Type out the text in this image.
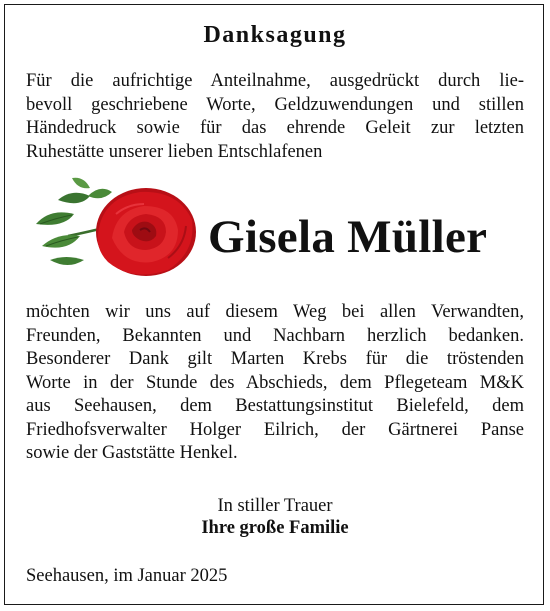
Danksagung
Für die aufrichtige Anteilnahme, ausgedrückt durch lie-
bevoll geschriebene Worte, Geldzuwendungen und stillen
Händedruck sowie für das ehrende Geleit zur letzten
Ruhestätte unserer lieben Entschlafenen
Gisela Müller
möchten wir uns auf diesem Weg bei allen Verwandten,
Freunden, Bekannten und Nachbarn herzlich bedanken.
Besonderer Dank gilt Marten Krebs für die tröstenden
Worte in der Stunde des Abschieds, dem Pflegeteam M&K
aus Seehausen, dem Bestattungsinstitut Bielefeld, dem
Friedhofsverwalter Holger Eilrich, der Gärtnerei Panse
sowie der Gaststätte Henkel.
In stiller Trauer
Ihre große Familie
Seehausen, im Januar 2025
